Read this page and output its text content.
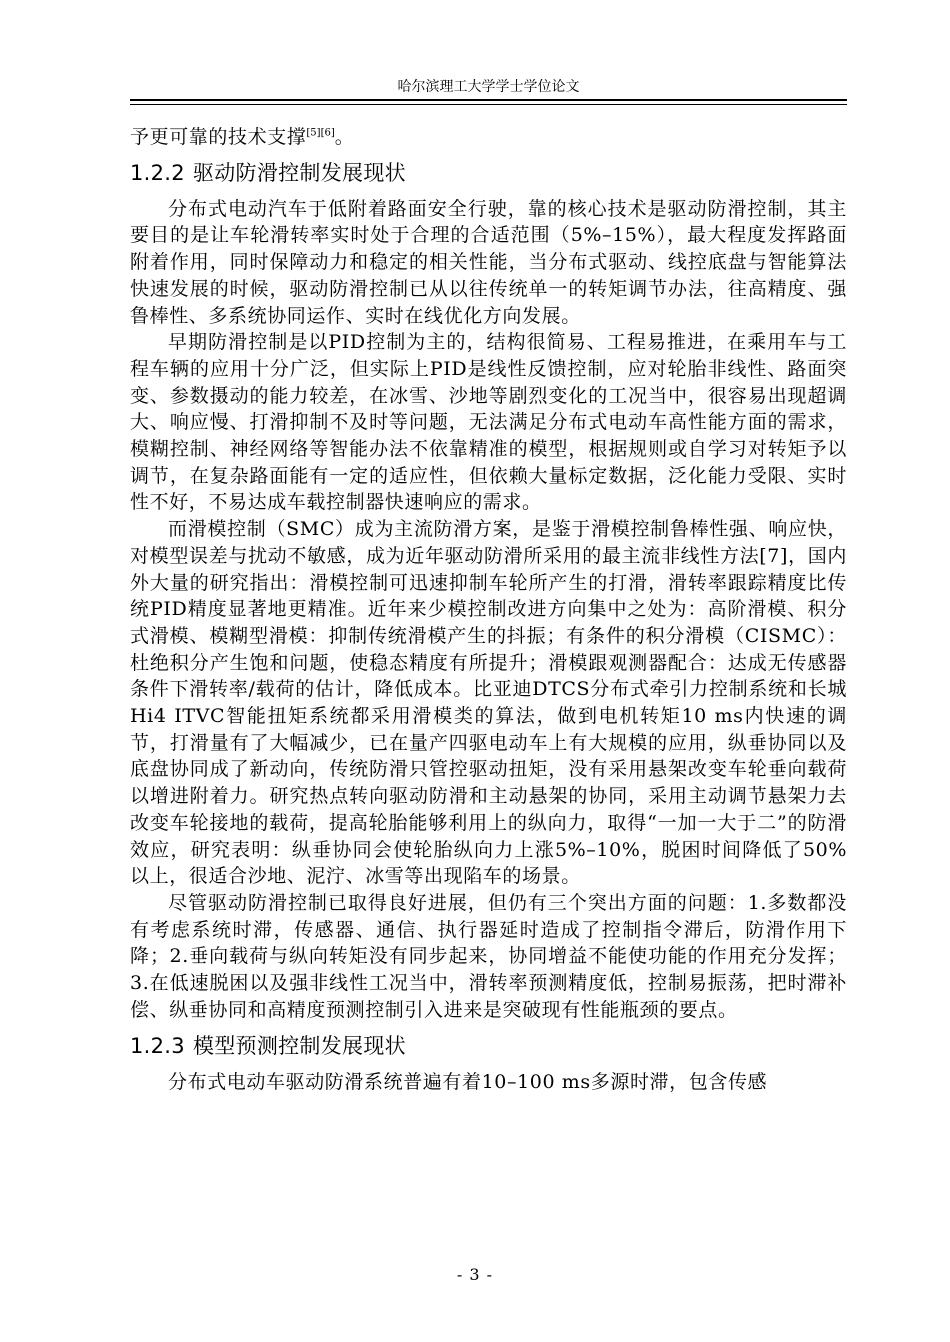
哈尔滨理工大学学士学位论文

予更可靠的技术支撑[5][6]。

1.2.2 驱动防滑控制发展现状

分布式电动汽车于低附着路面安全行驶，靠的核心技术是驱动防滑控制，其主要目的是让车轮滑转率实时处于合理的合适范围（5%–15%），最大程度发挥路面附着作用，同时保障动力和稳定的相关性能，当分布式驱动、线控底盘与智能算法快速发展的时候，驱动防滑控制已从以往传统单一的转矩调节办法，往高精度、强鲁棒性、多系统协同运作、实时在线优化方向发展。

早期防滑控制是以PID控制为主的，结构很简易、工程易推进，在乘用车与工程车辆的应用十分广泛，但实际上PID是线性反馈控制，应对轮胎非线性、路面突变、参数摄动的能力较差，在冰雪、沙地等剧烈变化的工况当中，很容易出现超调大、响应慢、打滑抑制不及时等问题，无法满足分布式电动车高性能方面的需求，模糊控制、神经网络等智能办法不依靠精准的模型，根据规则或自学习对转矩予以调节，在复杂路面能有一定的适应性，但依赖大量标定数据，泛化能力受限、实时性不好，不易达成车载控制器快速响应的需求。

而滑模控制（SMC）成为主流防滑方案，是鉴于滑模控制鲁棒性强、响应快，对模型误差与扰动不敏感，成为近年驱动防滑所采用的最主流非线性方法[7]，国内外大量的研究指出：滑模控制可迅速抑制车轮所产生的打滑，滑转率跟踪精度比传统PID精度显著地更精准。近年来少模控制改进方向集中之处为：高阶滑模、积分式滑模、模糊型滑模：抑制传统滑模产生的抖振；有条件的积分滑模（CISMC）：杜绝积分产生饱和问题，使稳态精度有所提升；滑模跟观测器配合：达成无传感器条件下滑转率/载荷的估计，降低成本。比亚迪DTCS分布式牵引力控制系统和长城Hi4 ITVC智能扭矩系统都采用滑模类的算法，做到电机转矩10 ms内快速的调节，打滑量有了大幅减少，已在量产四驱电动车上有大规模的应用，纵垂协同以及底盘协同成了新动向，传统防滑只管控驱动扭矩，没有采用悬架改变车轮垂向载荷以增进附着力。研究热点转向驱动防滑和主动悬架的协同，采用主动调节悬架力去改变车轮接地的载荷，提高轮胎能够利用上的纵向力，取得“一加一大于二”的防滑效应，研究表明：纵垂协同会使轮胎纵向力上涨5%–10%，脱困时间降低了50%以上，很适合沙地、泥泞、冰雪等出现陷车的场景。

尽管驱动防滑控制已取得良好进展，但仍有三个突出方面的问题：1.多数都没有考虑系统时滞，传感器、通信、执行器延时造成了控制指令滞后，防滑作用下降；2.垂向载荷与纵向转矩没有同步起来，协同增益不能使功能的作用充分发挥；3.在低速脱困以及强非线性工况当中，滑转率预测精度低，控制易振荡，把时滞补偿、纵垂协同和高精度预测控制引入进来是突破现有性能瓶颈的要点。

1.2.3 模型预测控制发展现状

分布式电动车驱动防滑系统普遍有着10–100 ms多源时滞，包含传感

- 3 -
